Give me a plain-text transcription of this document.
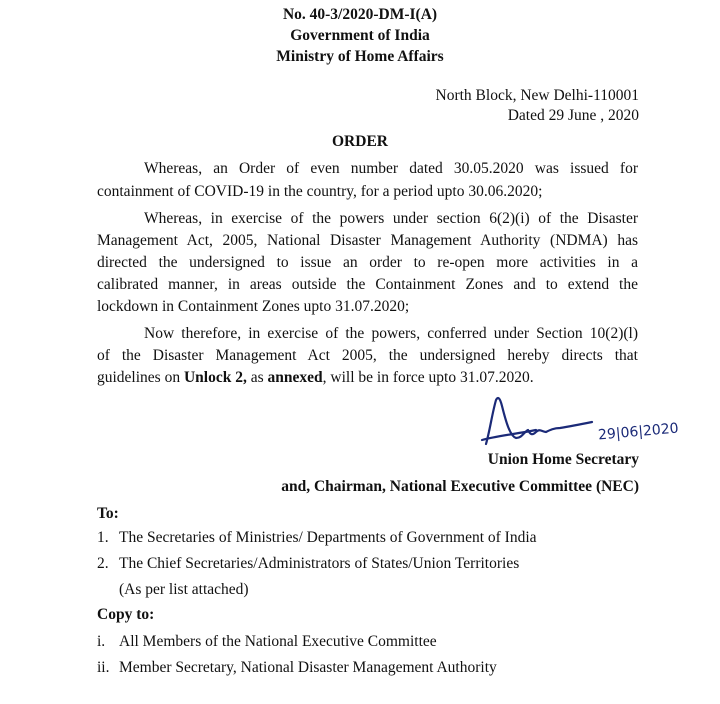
No. 40-3/2020-DM-I(A)
Government of India
Ministry of Home Affairs
North Block, New Delhi-110001
Dated 29 June , 2020
ORDER
Whereas, an Order of even number dated 30.05.2020 was issued for
containment of COVID-19 in the country, for a period upto 30.06.2020;
Whereas, in exercise of the powers under section 6(2)(i) of the Disaster
Management Act, 2005, National Disaster Management Authority (NDMA) has
directed the undersigned to issue an order to re-open more activities in a
calibrated manner, in areas outside the Containment Zones and to extend the
lockdown in Containment Zones upto 31.07.2020;
Now therefore, in exercise of the powers, conferred under Section 10(2)(l)
of the Disaster Management Act 2005, the undersigned hereby directs that
guidelines on Unlock 2, as annexed, will be in force upto 31.07.2020.
29|06|2020
Union Home Secretary
and, Chairman, National Executive Committee (NEC)
To:
1. The Secretaries of Ministries/ Departments of Government of India
2. The Chief Secretaries/Administrators of States/Union Territories
(As per list attached)
Copy to:
i. All Members of the National Executive Committee
ii. Member Secretary, National Disaster Management Authority
